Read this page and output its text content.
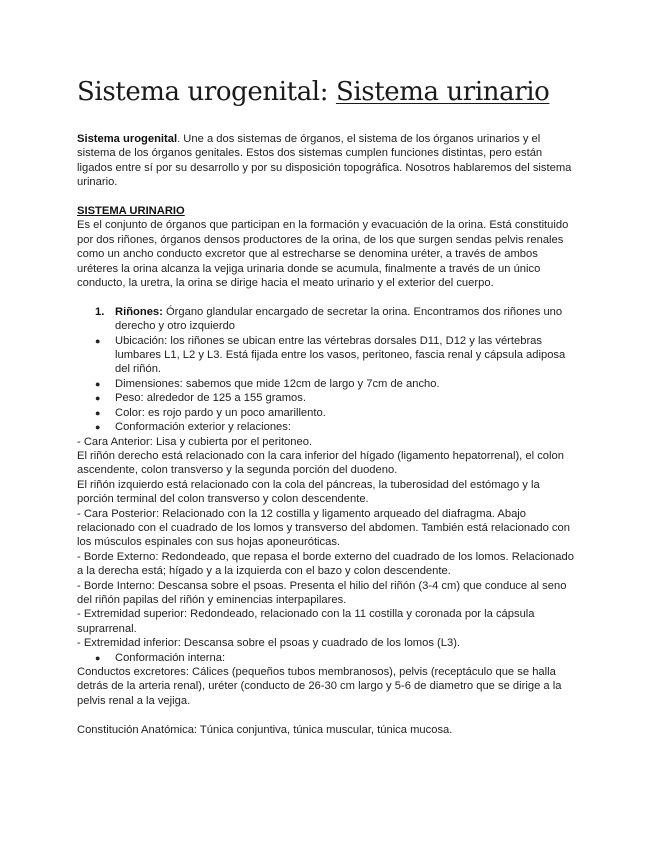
Sistema urogenital: Sistema urinario

Sistema urogenital. Une a dos sistemas de órganos, el sistema de los órganos urinarios y el sistema de los órganos genitales. Estos dos sistemas cumplen funciones distintas, pero están ligados entre sí por su desarrollo y por su disposición topográfica. Nosotros hablaremos del sistema urinario.

SISTEMA URINARIO

Es el conjunto de órganos que participan en la formación y evacuación de la orina. Está constituido por dos riñones, órganos densos productores de la orina, de los que surgen sendas pelvis renales como un ancho conducto excretor que al estrecharse se denomina uréter, a través de ambos uréteres la orina alcanza la vejiga urinaria donde se acumula, finalmente a través de un único conducto, la uretra, la orina se dirige hacia el meato urinario y el exterior del cuerpo.

1. Riñones: Órgano glandular encargado de secretar la orina. Encontramos dos riñones uno derecho y otro izquierdo
● Ubicación: los riñones se ubican entre las vértebras dorsales D11, D12 y las vértebras lumbares L1, L2 y L3. Está fijada entre los vasos, peritoneo, fascia renal y cápsula adiposa del riñón.
● Dimensiones: sabemos que mide 12cm de largo y 7cm de ancho.
● Peso: alrededor de 125 a 155 gramos.
● Color: es rojo pardo y un poco amarillento.
● Conformación exterior y relaciones:

- Cara Anterior: Lisa y cubierta por el peritoneo.

El riñón derecho está relacionado con la cara inferior del hígado (ligamento hepatorrenal), el colon ascendente, colon transverso y la segunda porción del duodeno.

El riñón izquierdo está relacionado con la cola del páncreas, la tuberosidad del estómago y la porción terminal del colon transverso y colon descendente.

- Cara Posterior: Relacionado con la 12 costilla y ligamento arqueado del diafragma. Abajo relacionado con el cuadrado de los lomos y transverso del abdomen. También está relacionado con los músculos espinales con sus hojas aponeuróticas.

- Borde Externo: Redondeado, que repasa el borde externo del cuadrado de los lomos. Relacionado a la derecha está; hígado y a la izquierda con el bazo y colon descendente.

- Borde Interno: Descansa sobre el psoas. Presenta el hilio del riñón (3-4 cm) que conduce al seno del riñón papilas del riñón y eminencias interpapilares.

- Extremidad superior: Redondeado, relacionado con la 11 costilla y coronada por la cápsula suprarrenal.

- Extremidad inferior: Descansa sobre el psoas y cuadrado de los lomos (L3).

● Conformación interna:

Conductos excretores: Cálices (pequeños tubos membranosos), pelvis (receptáculo que se halla detrás de la arteria renal), uréter (conducto de 26-30 cm largo y 5-6 de diametro que se dirige a la pelvis renal a la vejiga.

Constitución Anatómica: Túnica conjuntiva, túnica muscular, túnica mucosa.
